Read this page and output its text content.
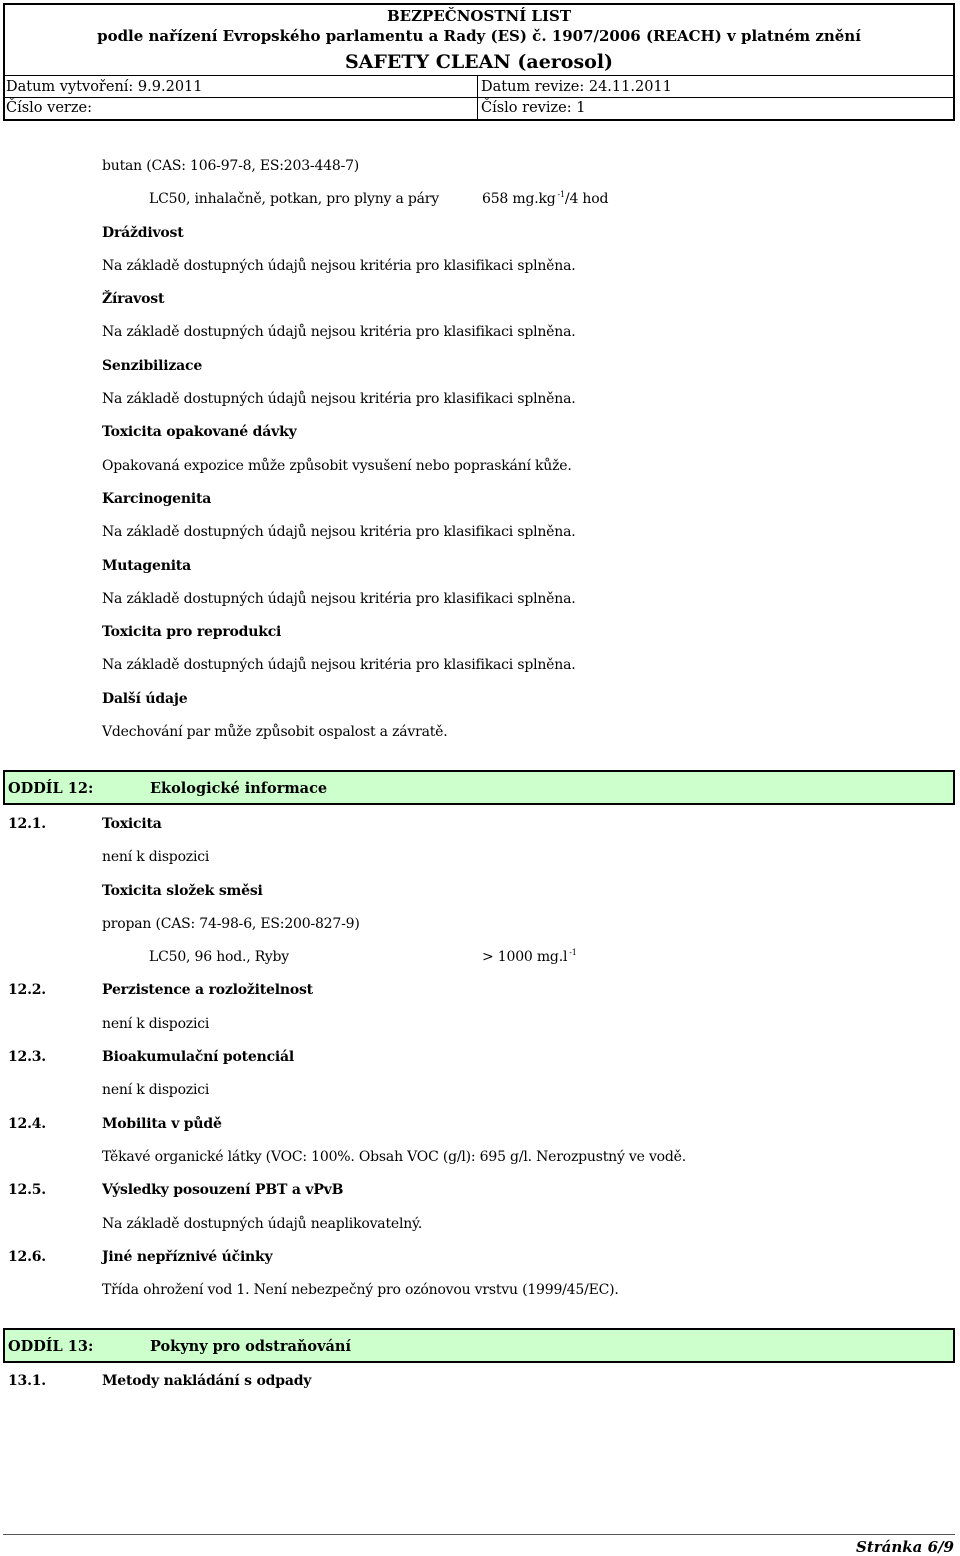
BEZPEČNOSTNÍ LIST
podle nařízení Evropského parlamentu a Rady (ES) č. 1907/2006 (REACH) v platném znění
SAFETY CLEAN (aerosol)
Datum vytvoření: 9.9.2011	Datum revize: 24.11.2011
Číslo verze:	Číslo revize: 1
butan (CAS: 106-97-8, ES:203-448-7)
LC50, inhalačně, potkan, pro plyny a páry	658 mg.kg $^{-1}$/4 hod
Dráždivost
Na základě dostupných údajů nejsou kritéria pro klasifikaci splněna.
Žíravost
Na základě dostupných údajů nejsou kritéria pro klasifikaci splněna.
Senzibilizace
Na základě dostupných údajů nejsou kritéria pro klasifikaci splněna.
Toxicita opakované dávky
Opakovaná expozice může způsobit vysušení nebo popraskání kůže.
Karcinogenita
Na základě dostupných údajů nejsou kritéria pro klasifikaci splněna.
Mutagenita
Na základě dostupných údajů nejsou kritéria pro klasifikaci splněna.
Toxicita pro reprodukci
Na základě dostupných údajů nejsou kritéria pro klasifikaci splněna.
Další údaje
Vdechování par může způsobit ospalost a závratě.
ODDÍL 12:	Ekologické informace
12.1.	Toxicita
není k dispozici
Toxicita složek směsi
propan (CAS: 74-98-6, ES:200-827-9)
LC50, 96 hod., Ryby	> 1000 mg.l $^{-1}$
12.2.	Perzistence a rozložitelnost
není k dispozici
12.3.	Bioakumulační potenciál
není k dispozici
12.4.	Mobilita v půdě
Těkavé organické látky (VOC: 100%. Obsah VOC (g/l): 695 g/l. Nerozpustný ve vodě.
12.5.	Výsledky posouzení PBT a vPvB
Na základě dostupných údajů neaplikovatelný.
12.6.	Jiné nepříznivé účinky
Třída ohrožení vod 1. Není nebezpečný pro ozónovou vrstvu (1999/45/EC).
ODDÍL 13:	Pokyny pro odstraňování
13.1.	Metody nakládání s odpady
Stránka 6/9
